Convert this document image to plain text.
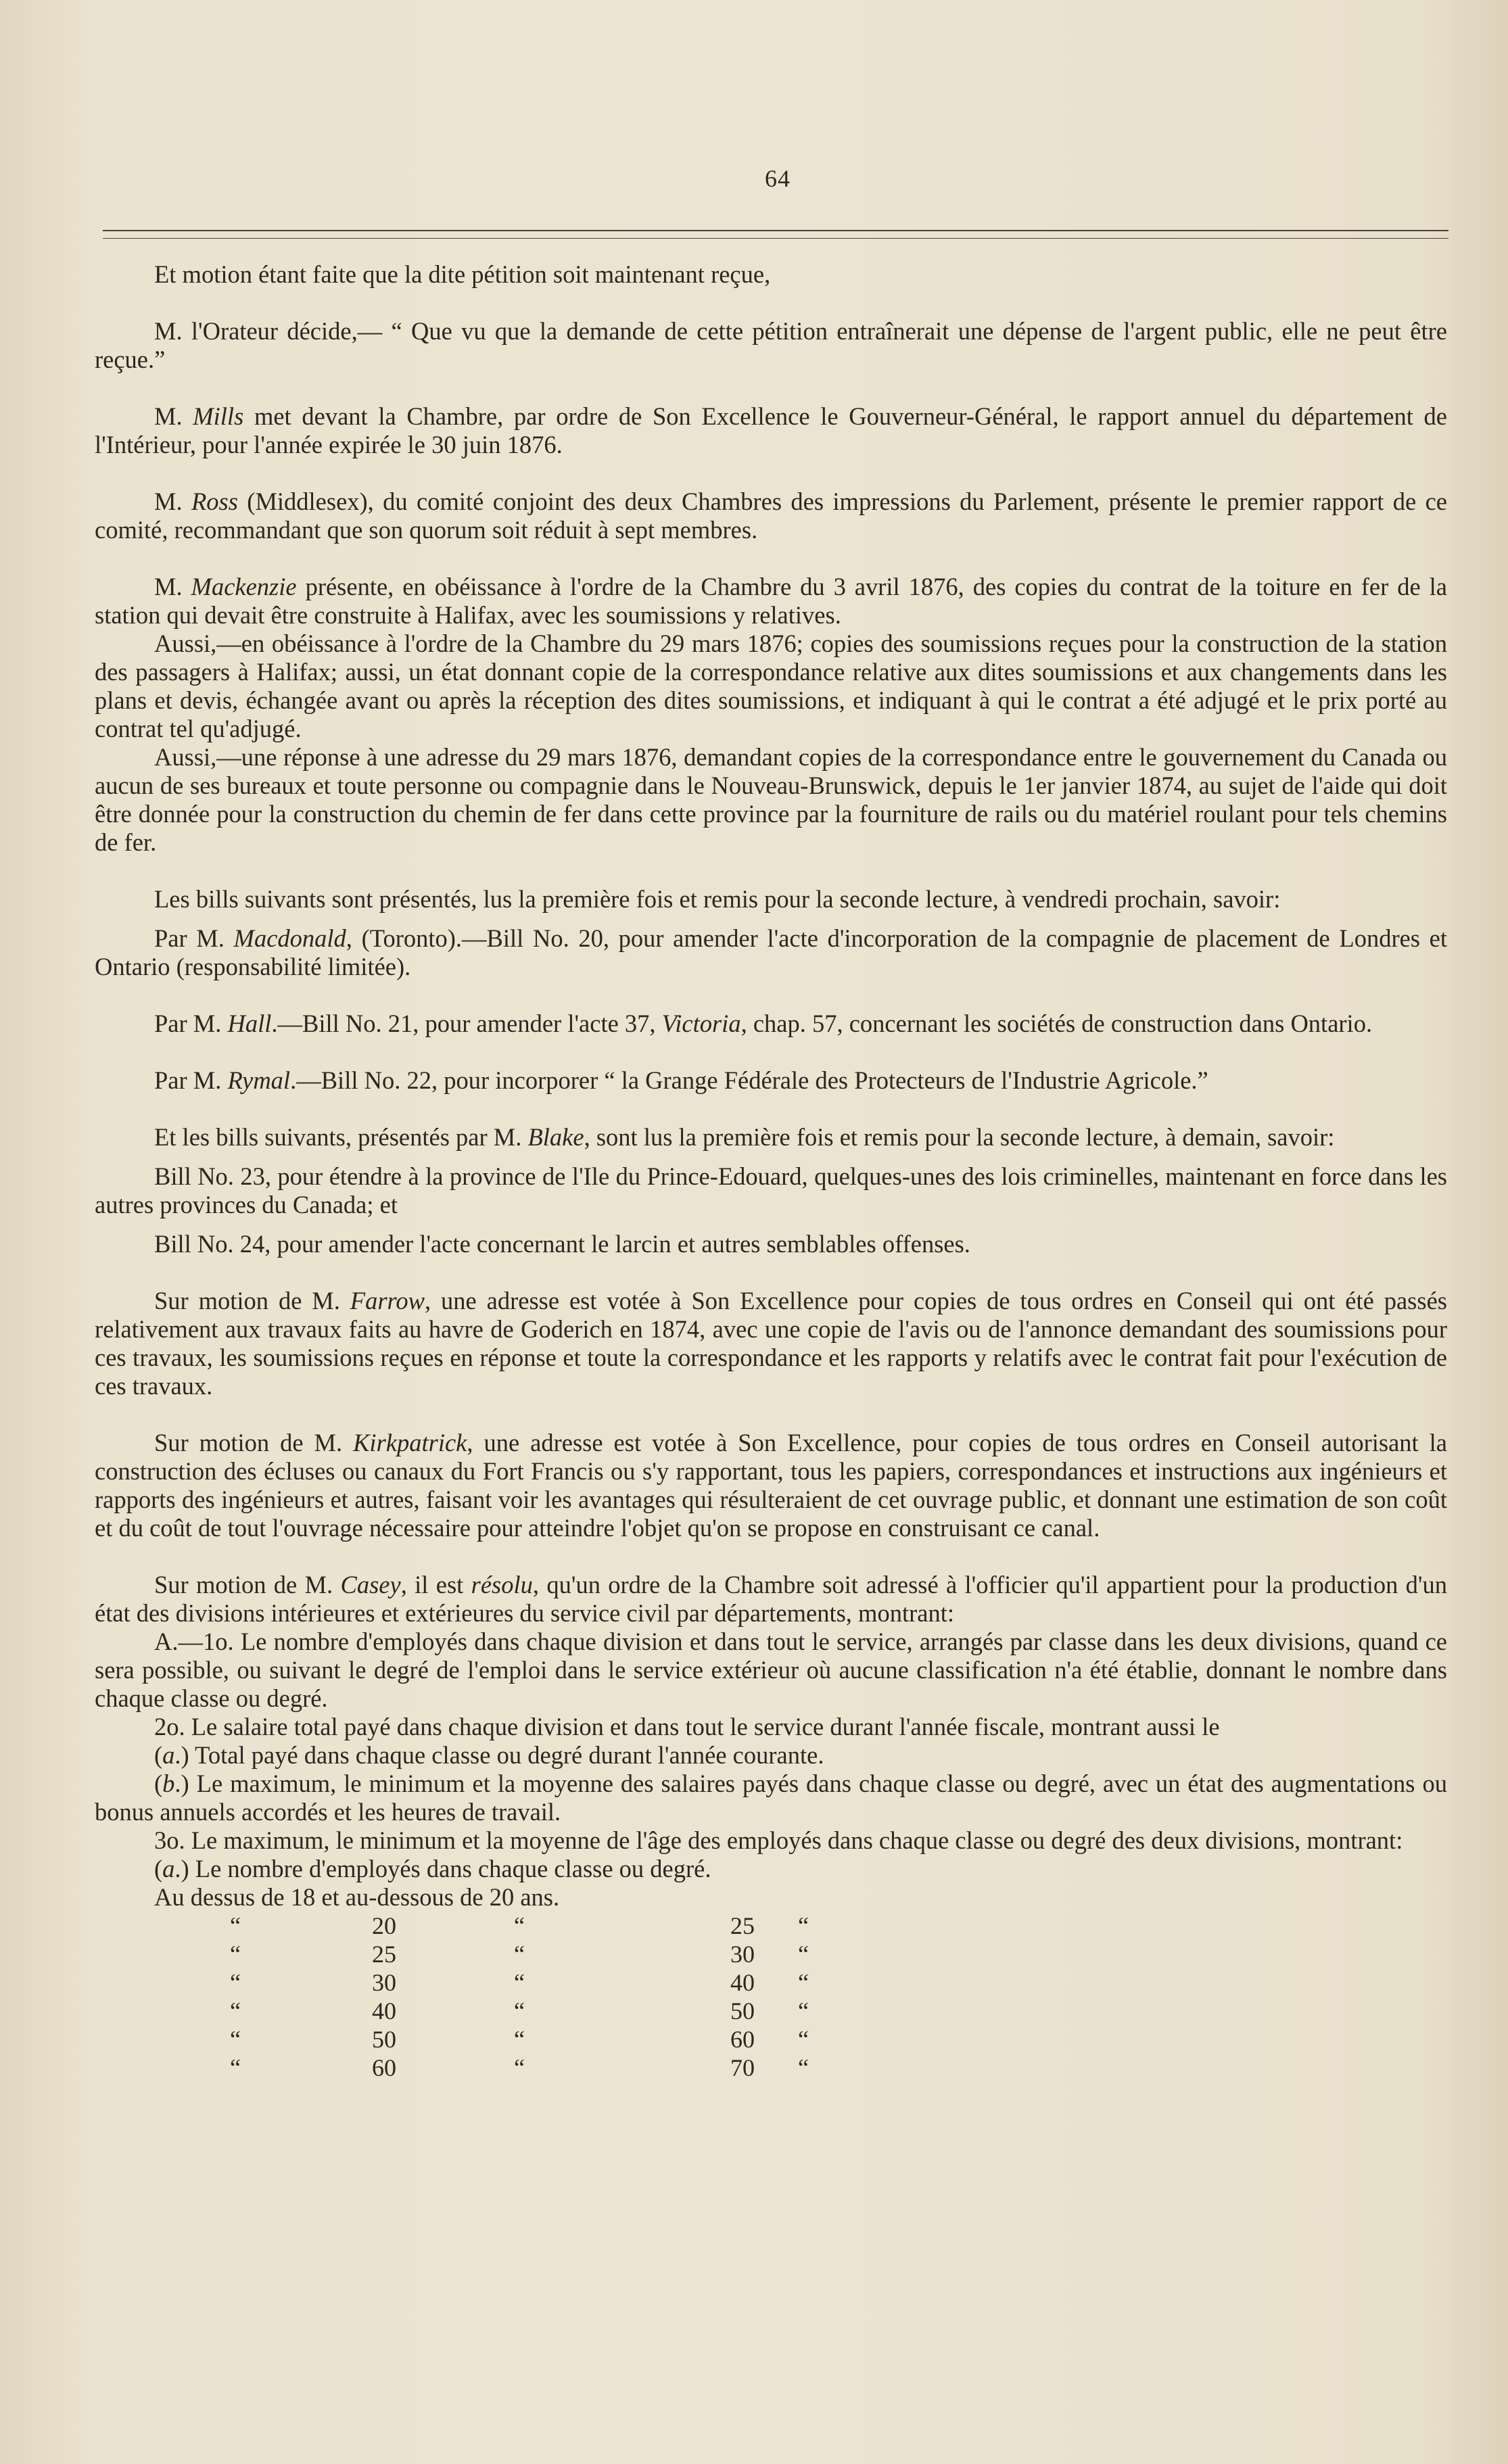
64

Et motion étant faite que la dite pétition soit maintenant reçue,

M. l'Orateur décide,— “ Que vu que la demande de cette pétition entraînerait une dépense de l'argent public, elle ne peut être reçue.”

M. Mills met devant la Chambre, par ordre de Son Excellence le Gouverneur-Général, le rapport annuel du département de l'Intérieur, pour l'année expirée le 30 juin 1876.

M. Ross (Middlesex), du comité conjoint des deux Chambres des impressions du Parlement, présente le premier rapport de ce comité, recommandant que son quorum soit réduit à sept membres.

M. Mackenzie présente, en obéissance à l'ordre de la Chambre du 3 avril 1876, des copies du contrat de la toiture en fer de la station qui devait être construite à Halifax, avec les soumissions y relatives.

Aussi,—en obéissance à l'ordre de la Chambre du 29 mars 1876; copies des soumissions reçues pour la construction de la station des passagers à Halifax; aussi, un état donnant copie de la correspondance relative aux dites soumissions et aux changements dans les plans et devis, échangée avant ou après la réception des dites soumissions, et indiquant à qui le contrat a été adjugé et le prix porté au contrat tel qu'adjugé.

Aussi,—une réponse à une adresse du 29 mars 1876, demandant copies de la correspondance entre le gouvernement du Canada ou aucun de ses bureaux et toute personne ou compagnie dans le Nouveau-Brunswick, depuis le 1er janvier 1874, au sujet de l'aide qui doit être donnée pour la construction du chemin de fer dans cette province par la fourniture de rails ou du matériel roulant pour tels chemins de fer.

Les bills suivants sont présentés, lus la première fois et remis pour la seconde lecture, à vendredi prochain, savoir:

Par M. Macdonald, (Toronto).—Bill No. 20, pour amender l'acte d'incorporation de la compagnie de placement de Londres et Ontario (responsabilité limitée).

Par M. Hall.—Bill No. 21, pour amender l'acte 37, Victoria, chap. 57, concernant les sociétés de construction dans Ontario.

Par M. Rymal.—Bill No. 22, pour incorporer “ la Grange Fédérale des Protecteurs de l'Industrie Agricole.”

Et les bills suivants, présentés par M. Blake, sont lus la première fois et remis pour la seconde lecture, à demain, savoir:

Bill No. 23, pour étendre à la province de l'Ile du Prince-Edouard, quelques-unes des lois criminelles, maintenant en force dans les autres provinces du Canada; et

Bill No. 24, pour amender l'acte concernant le larcin et autres semblables offenses.

Sur motion de M. Farrow, une adresse est votée à Son Excellence pour copies de tous ordres en Conseil qui ont été passés relativement aux travaux faits au havre de Goderich en 1874, avec une copie de l'avis ou de l'annonce demandant des soumissions pour ces travaux, les soumissions reçues en réponse et toute la correspondance et les rapports y relatifs avec le contrat fait pour l'exécution de ces travaux.

Sur motion de M. Kirkpatrick, une adresse est votée à Son Excellence, pour copies de tous ordres en Conseil autorisant la construction des écluses ou canaux du Fort Francis ou s'y rapportant, tous les papiers, correspondances et instructions aux ingénieurs et rapports des ingénieurs et autres, faisant voir les avantages qui résulteraient de cet ouvrage public, et donnant une estimation de son coût et du coût de tout l'ouvrage nécessaire pour atteindre l'objet qu'on se propose en construisant ce canal.

Sur motion de M. Casey, il est résolu, qu'un ordre de la Chambre soit adressé à l'officier qu'il appartient pour la production d'un état des divisions intérieures et extérieures du service civil par départements, montrant:

A.—1o. Le nombre d'employés dans chaque division et dans tout le service, arrangés par classe dans les deux divisions, quand ce sera possible, ou suivant le degré de l'emploi dans le service extérieur où aucune classification n'a été établie, donnant le nombre dans chaque classe ou degré.

2o. Le salaire total payé dans chaque division et dans tout le service durant l'année fiscale, montrant aussi le

(a.) Total payé dans chaque classe ou degré durant l'année courante.

(b.) Le maximum, le minimum et la moyenne des salaires payés dans chaque classe ou degré, avec un état des augmentations ou bonus annuels accordés et les heures de travail.

3o. Le maximum, le minimum et la moyenne de l'âge des employés dans chaque classe ou degré des deux divisions, montrant:

(a.) Le nombre d'employés dans chaque classe ou degré.

Au dessus de 18 et au-dessous de 20 ans.

“	20	“	25	“
“	25	“	30	“
“	30	“	40	“
“	40	“	50	“
“	50	“	60	“
“	60	“	70	“
